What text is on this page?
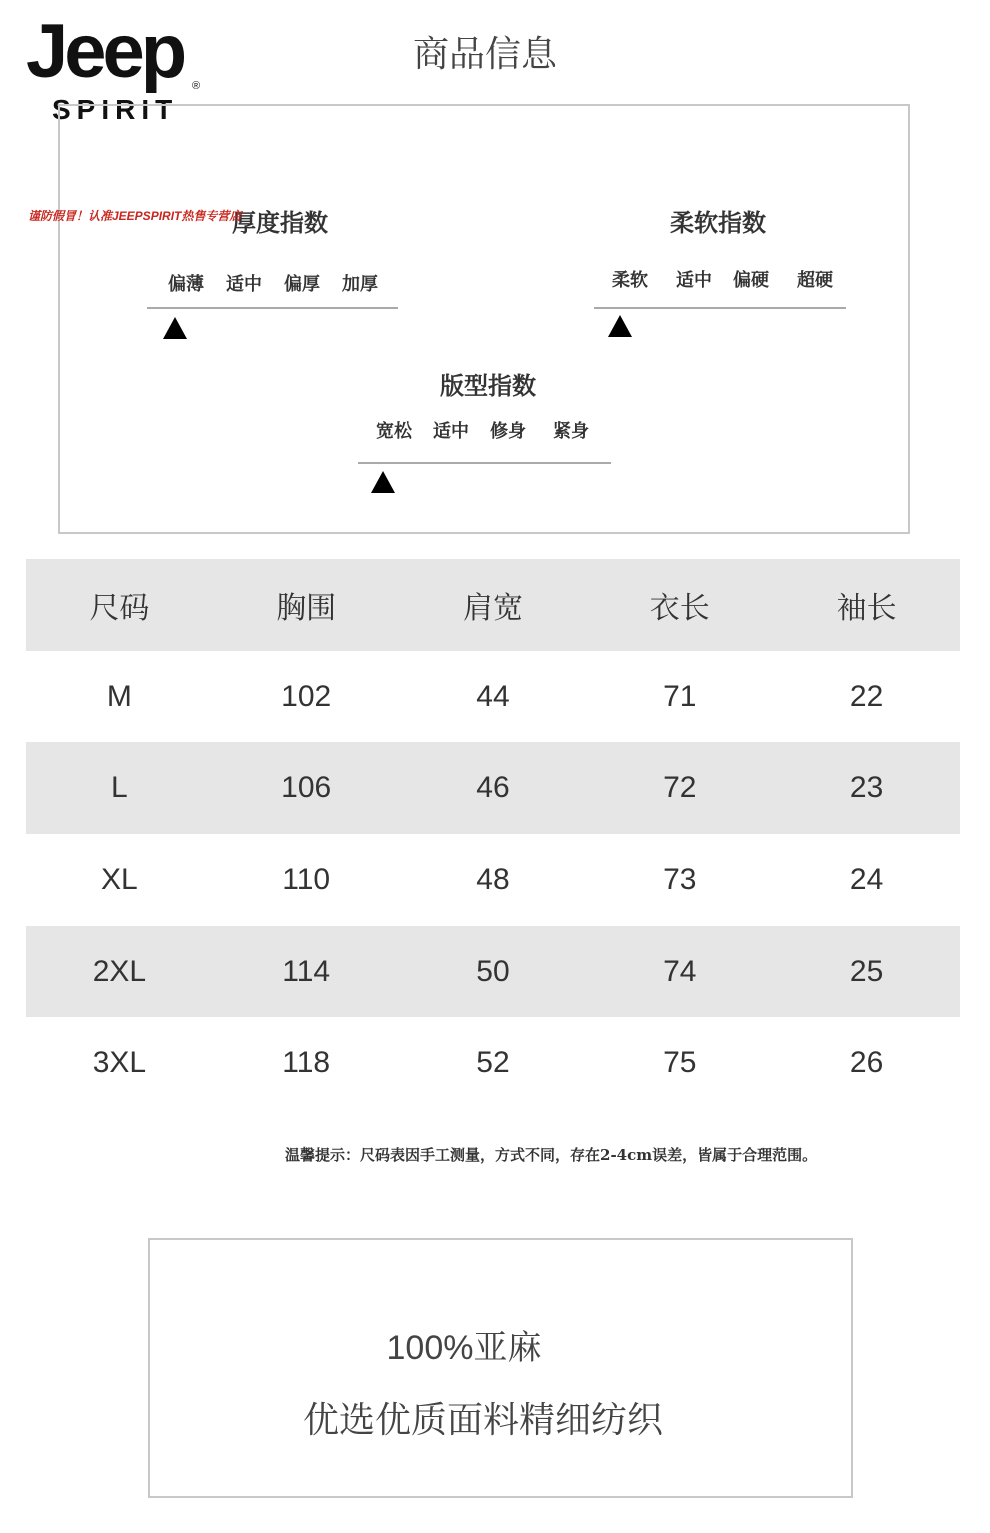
Jeep ®
SPIRIT
商品信息
厚度指数
偏薄 适中 偏厚 加厚
柔软指数
柔软 适中 偏硬 超硬
版型指数
宽松 适中 修身 紧身
谨防假冒！认准JEEPSPIRIT热售专营店
尺码	胸围	肩宽	衣长	袖长
M	102	44	71	22
L	106	46	72	23
XL	110	48	73	24
2XL	114	50	74	25
3XL	118	52	75	26
温馨提示：尺码表因手工测量，方式不同，存在2-4cm误差，皆属于合理范围。
100%亚麻
优选优质面料精细纺织
